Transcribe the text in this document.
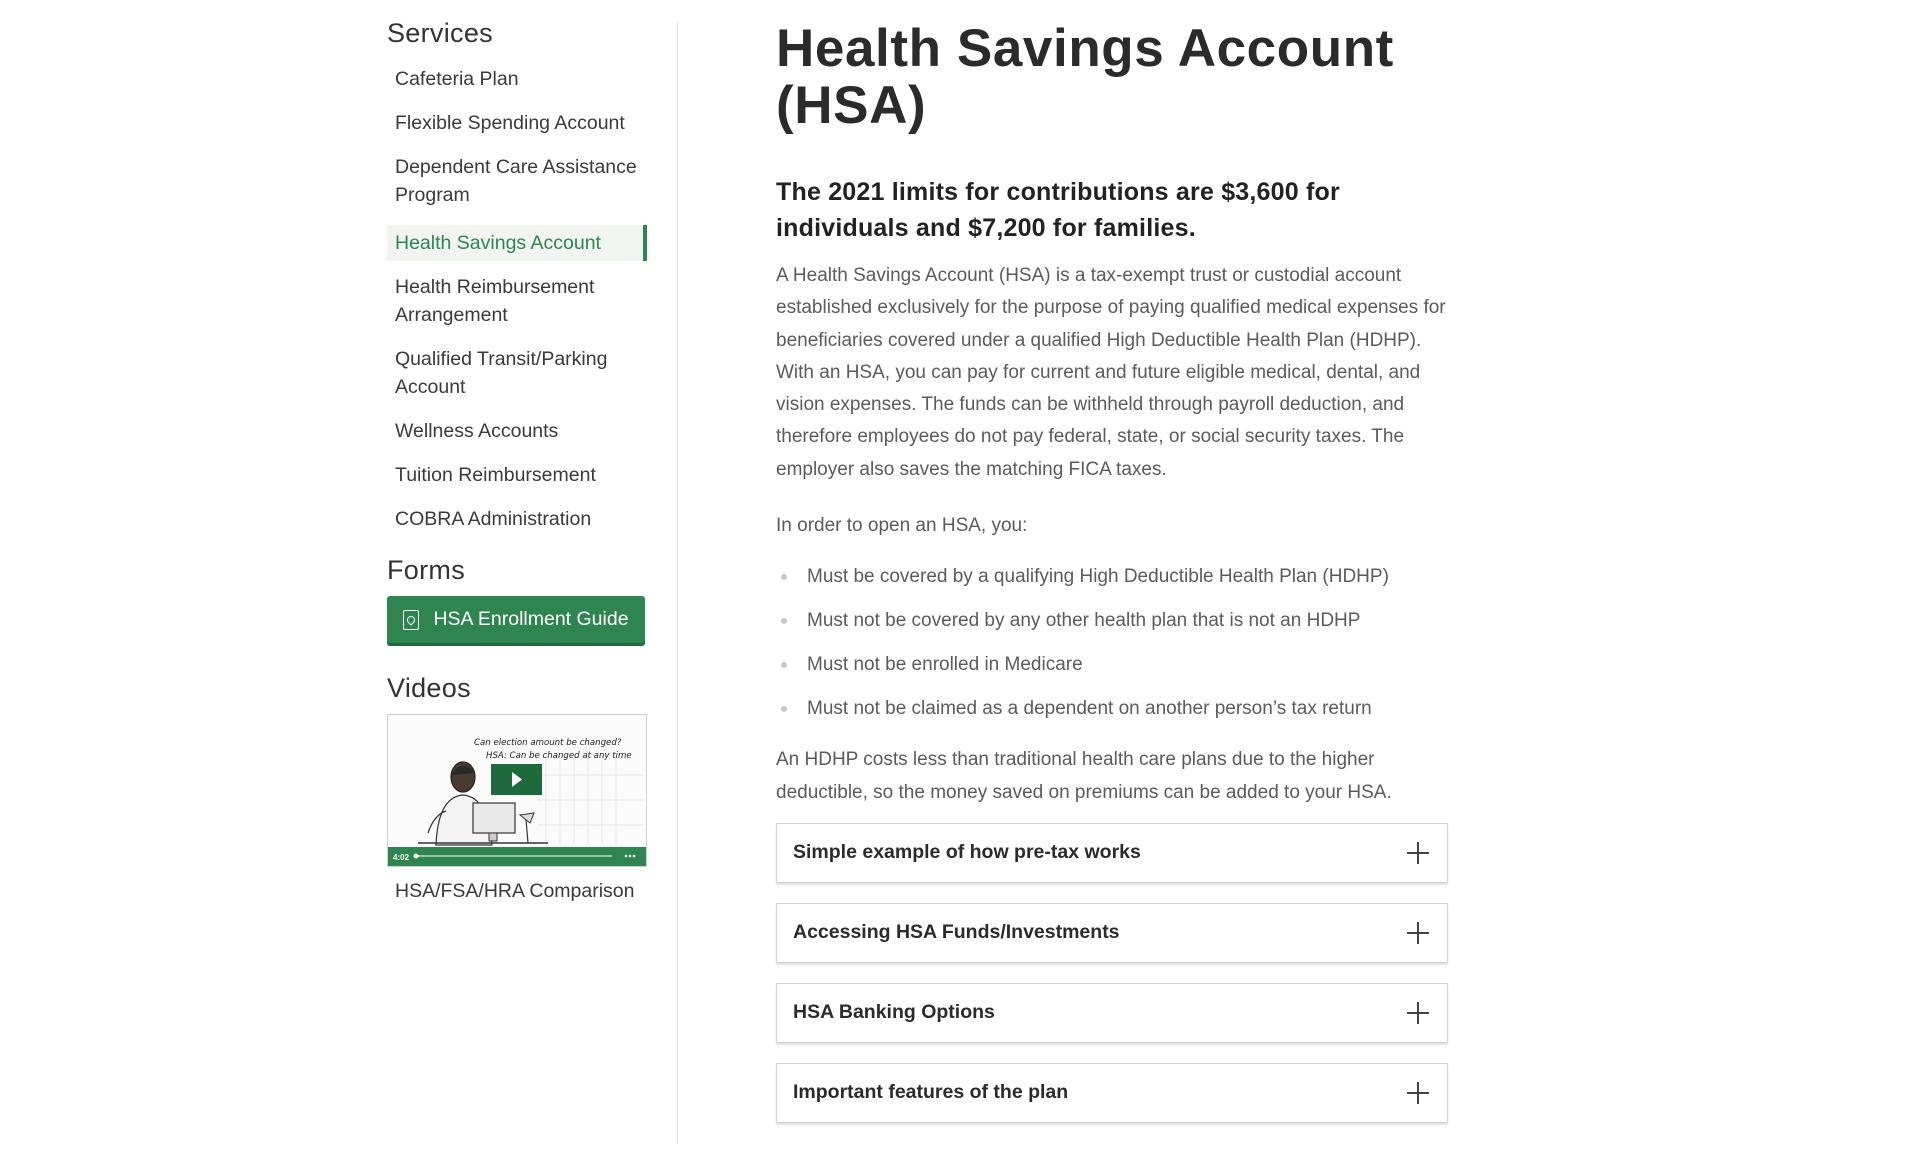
Services
Cafeteria Plan
Flexible Spending Account
Dependent Care Assistance Program
Health Savings Account
Health Reimbursement Arrangement
Qualified Transit/Parking Account
Wellness Accounts
Tuition Reimbursement
COBRA Administration
Forms
HSA Enrollment Guide
Videos
Can election amount be changed?
HSA: Can be changed at any time
4:02
HSA/FSA/HRA Comparison
Health Savings Account
(HSA)

The 2021 limits for contributions are $3,600 for individuals and $7,200 for families.

A Health Savings Account (HSA) is a tax-exempt trust or custodial account established exclusively for the purpose of paying qualified medical expenses for beneficiaries covered under a qualified High Deductible Health Plan (HDHP). With an HSA, you can pay for current and future eligible medical, dental, and vision expenses. The funds can be withheld through payroll deduction, and therefore employees do not pay federal, state, or social security taxes. The employer also saves the matching FICA taxes.

In order to open an HSA, you:

Must be covered by a qualifying High Deductible Health Plan (HDHP)
Must not be covered by any other health plan that is not an HDHP
Must not be enrolled in Medicare
Must not be claimed as a dependent on another person’s tax return

An HDHP costs less than traditional health care plans due to the higher deductible, so the money saved on premiums can be added to your HSA.

Simple example of how pre-tax works
Accessing HSA Funds/Investments
HSA Banking Options
Important features of the plan
